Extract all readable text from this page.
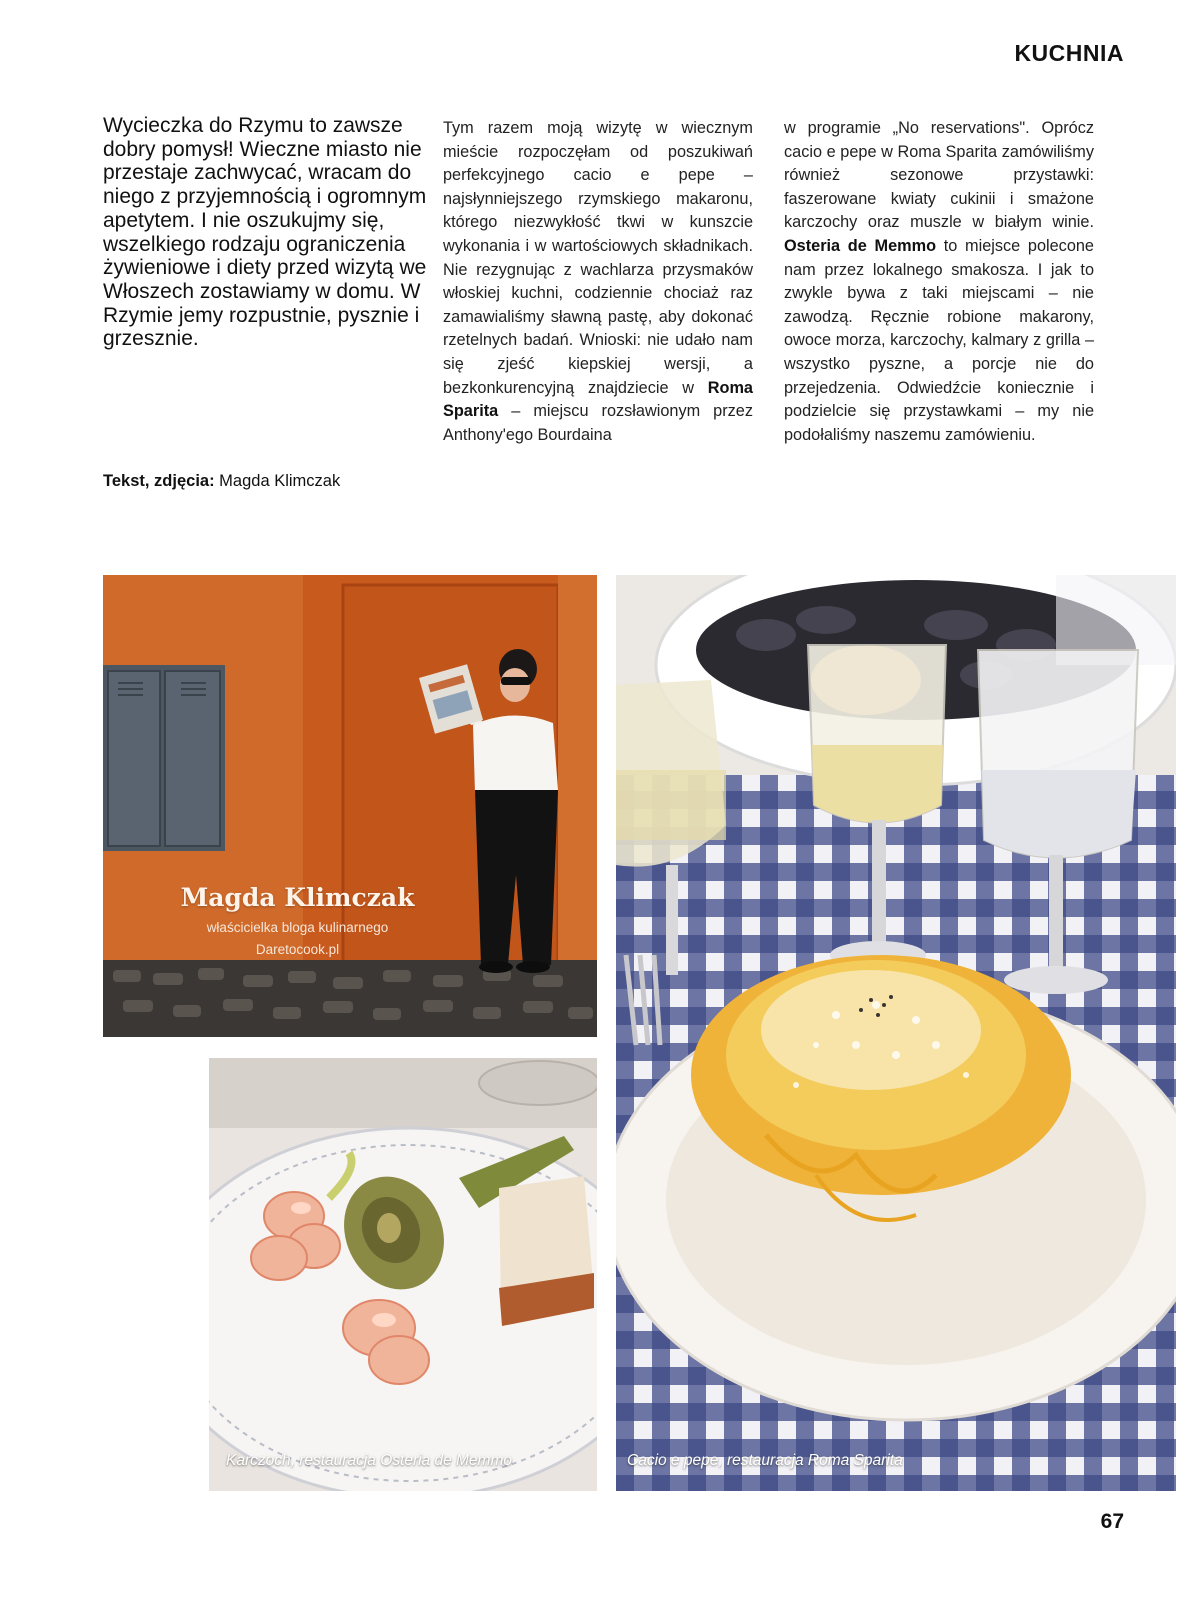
KUCHNIA

Wycieczka do Rzymu to zawsze dobry pomysł! Wieczne miasto nie przestaje zachwycać, wracam do niego z przyjemnością i ogromnym apetytem. I nie oszukujmy się, wszelkiego rodzaju ograniczenia żywieniowe i diety przed wizytą we Włoszech zostawiamy w domu. W Rzymie jemy rozpustnie, pysznie i grzesznie.

Tekst, zdjęcia: Magda Klimczak

Tym razem moją wizytę w wiecznym mieście rozpoczęłam od poszukiwań perfekcyjnego cacio e pepe – najsłynniejszego rzymskiego makaronu, którego niezwykłość tkwi w kunszcie wykonania i w wartościowych składnikach. Nie rezygnując z wachlarza przysmaków włoskiej kuchni, codziennie chociaż raz zamawialiśmy sławną pastę, aby dokonać rzetelnych badań. Wnioski: nie udało nam się zjeść kiepskiej wersji, a bezkonkurencyjną znajdziecie w Roma Sparita – miejscu rozsławionym przez Anthony'ego Bourdaina

w programie „No reservations". Oprócz cacio e pepe w Roma Sparita zamówiliśmy również sezonowe przystawki: faszerowane kwiaty cukinii i smażone karczochy oraz muszle w białym winie. Osteria de Memmo to miejsce polecone nam przez lokalnego smakosza. I jak to zwykle bywa z taki miejscami – nie zawodzą. Ręcznie robione makarony, owoce morza, karczochy, kalmary z grilla – wszystko pyszne, a porcje nie do przejedzenia. Odwiedźcie koniecznie i podzielcie się przystawkami – my nie podołaliśmy naszemu zamówieniu.

Magda Klimczak
właścicielka bloga kulinarnego
Daretocook.pl
Karczoch, restauracja Osteria de Memmo	Cacio e pepe, restauracja Roma Sparita
67
